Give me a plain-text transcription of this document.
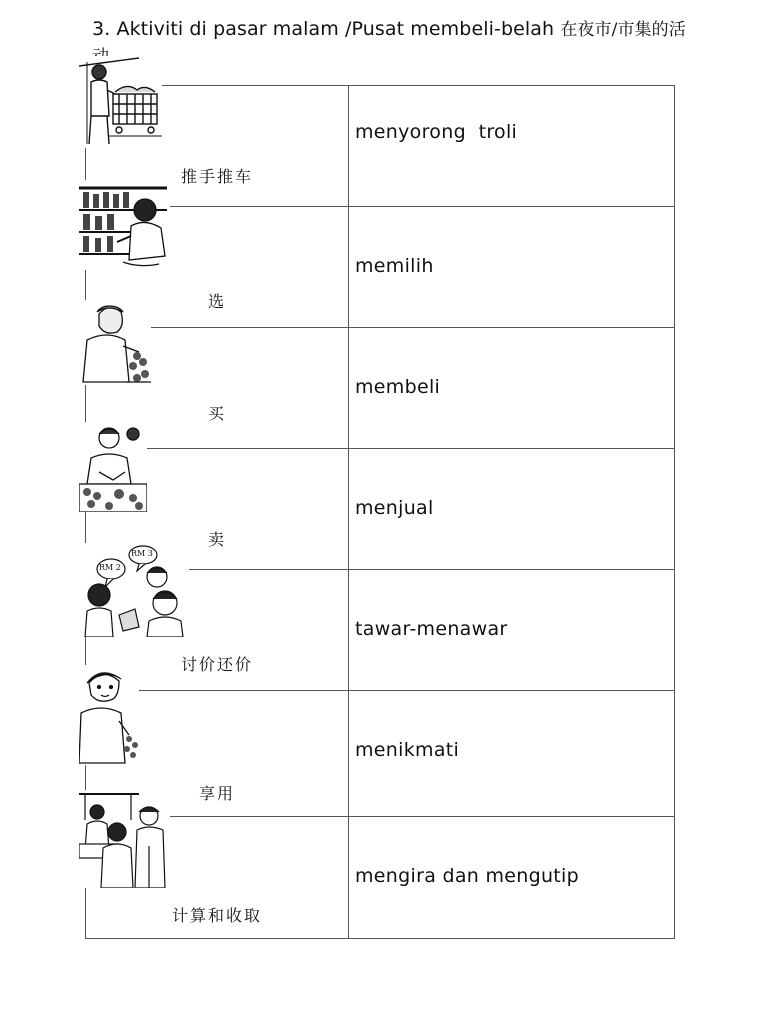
3. Aktiviti di pasar malam /Pusat membeli-belah 在夜市/市集的活
推手推车	menyorong  troli

选	memilih

买	membeli

卖	menjual

讨价还价	tawar-menawar

享用	menikmati

计算和收取	mengira dan mengutip
RM 2
RM 3
